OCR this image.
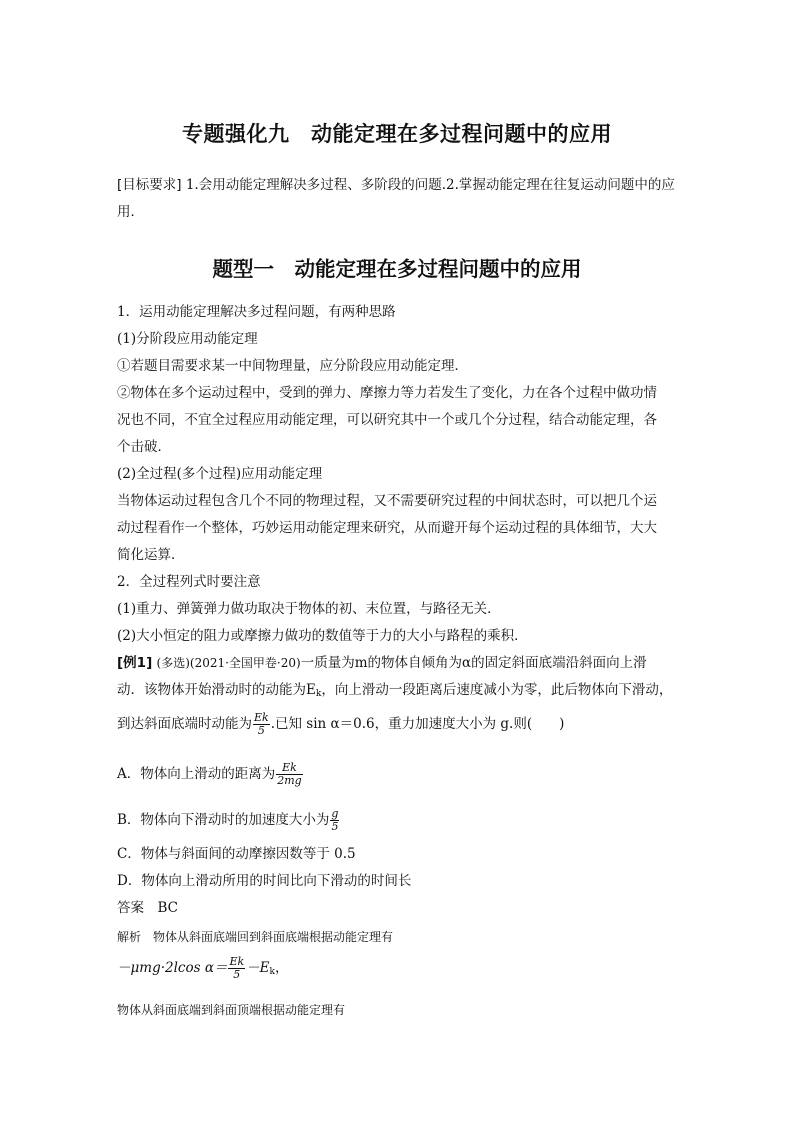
专题强化九　动能定理在多过程问题中的应用
[目标要求] 1.会用动能定理解决多过程、多阶段的问题.2.掌握动能定理在往复运动问题中的应用．
题型一　动能定理在多过程问题中的应用
1．运用动能定理解决多过程问题，有两种思路
(1)分阶段应用动能定理
①若题目需要求某一中间物理量，应分阶段应用动能定理．
②物体在多个运动过程中，受到的弹力、摩擦力等力若发生了变化，力在各个过程中做功情
况也不同，不宜全过程应用动能定理，可以研究其中一个或几个分过程，结合动能定理，各
个击破．
(2)全过程(多个过程)应用动能定理
当物体运动过程包含几个不同的物理过程，又不需要研究过程的中间状态时，可以把几个运
动过程看作一个整体，巧妙运用动能定理来研究，从而避开每个运动过程的具体细节，大大
简化运算．
2．全过程列式时要注意
(1)重力、弹簧弹力做功取决于物体的初、末位置，与路径无关．
(2)大小恒定的阻力或摩擦力做功的数值等于力的大小与路程的乘积．
[例1] (多选)(2021·全国甲卷·20)一质量为m的物体自倾角为α的固定斜面底端沿斜面向上滑
动．该物体开始滑动时的动能为$E_k$，向上滑动一段距离后速度减小为零，此后物体向下滑动，
到达斜面底端时动能为 $\frac{Ek}{5}$ .已知 sin α＝0.6，重力加速度大小为 g.则(　　)
A．物体向上滑动的距离为 $\frac{Ek}{2mg}$
B．物体向下滑动时的加速度大小为 $\frac{g}{5}$
C．物体与斜面间的动摩擦因数等于 0.5
D．物体向上滑动所用的时间比向下滑动的时间长
答案　BC
解析　物体从斜面底端回到斜面底端根据动能定理有
－μmg·2lcos $\alpha= \frac{Ek}{5} -E_k$，
物体从斜面底端到斜面顶端根据动能定理有
